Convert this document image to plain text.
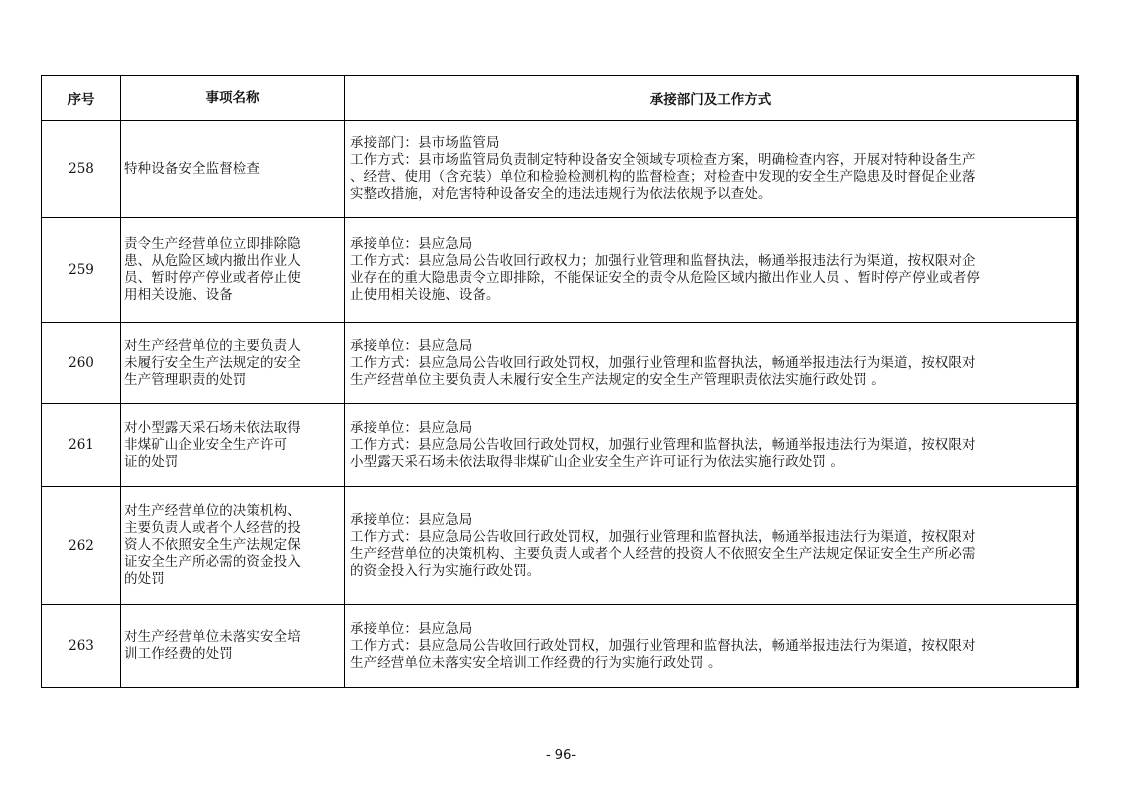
序号	事项名称	承接部门及工作方式
258	特种设备安全监督检查	承接部门：县市场监管局
工作方式：县市场监管局负责制定特种设备安全领域专项检查方案，明确检查内容，开展对特种设备生产
、经营、使用（含充装）单位和检验检测机构的监督检查；对检查中发现的安全生产隐患及时督促企业落
实整改措施，对危害特种设备安全的违法违规行为依法依规予以查处。

259	责令生产经营单位立即排除隐
患、从危险区域内撤出作业人
员、暂时停产停业或者停止使
用相关设施、设备	承接单位：县应急局
工作方式：县应急局公告收回行政权力；加强行业管理和监督执法，畅通举报违法行为渠道，按权限对企
业存在的重大隐患责令立即排除，不能保证安全的责令从危险区域内撤出作业人员 、暂时停产停业或者停
止使用相关设施、设备。

260	对生产经营单位的主要负责人
未履行安全生产法规定的安全
生产管理职责的处罚	承接单位：县应急局
工作方式：县应急局公告收回行政处罚权，加强行业管理和监督执法，畅通举报违法行为渠道，按权限对
生产经营单位主要负责人未履行安全生产法规定的安全生产管理职责依法实施行政处罚 。

261	对小型露天采石场未依法取得
非煤矿山企业安全生产许可
证的处罚	承接单位：县应急局
工作方式：县应急局公告收回行政处罚权，加强行业管理和监督执法，畅通举报违法行为渠道，按权限对
小型露天采石场未依法取得非煤矿山企业安全生产许可证行为依法实施行政处罚 。

262	对生产经营单位的决策机构、
主要负责人或者个人经营的投
资人不依照安全生产法规定保
证安全生产所必需的资金投入
的处罚	承接单位：县应急局
工作方式：县应急局公告收回行政处罚权，加强行业管理和监督执法，畅通举报违法行为渠道，按权限对
生产经营单位的决策机构、主要负责人或者个人经营的投资人不依照安全生产法规定保证安全生产所必需
的资金投入行为实施行政处罚。

263	对生产经营单位未落实安全培
训工作经费的处罚	承接单位：县应急局
工作方式：县应急局公告收回行政处罚权，加强行业管理和监督执法，畅通举报违法行为渠道，按权限对
生产经营单位未落实安全培训工作经费的行为实施行政处罚 。
- 96-
